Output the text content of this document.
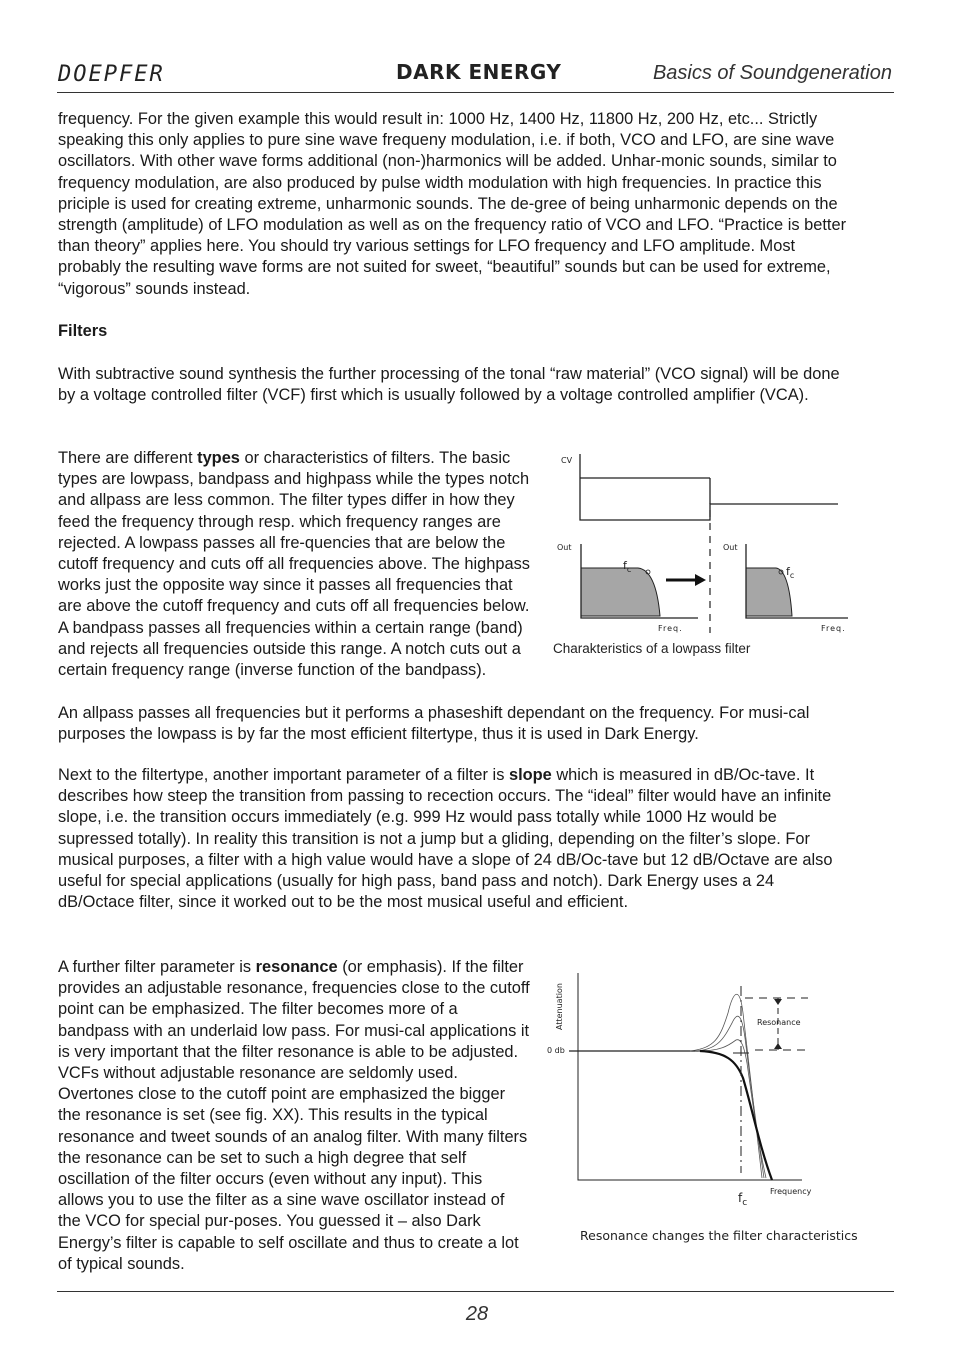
DOEPFER	DARK ENERGY	Basics of Soundgeneration

frequency. For the given example this would result in: 1000 Hz, 1400 Hz, 11800 Hz, 200 Hz, etc... Strictly speaking this only applies to pure sine wave frequeny modulation, i.e. if both, VCO and LFO, are sine wave oscillators. With other wave forms additional (non-)harmonics will be added. Unhar-monic sounds, similar to frequency modulation, are also produced by pulse width modulation with high frequencies. In practice this priciple is used for creating extreme, unharmonic sounds. The de-gree of being unharmonic depends on the strength (amplitude) of LFO modulation as well as on the frequency ratio of VCO and LFO. “Practice is better than theory” applies here. You should try various settings for LFO frequency and LFO amplitude. Most probably the resulting wave forms are not suited for sweet, “beautiful” sounds but can be used for extreme, “vigorous” sounds instead.

Filters

With subtractive sound synthesis the further processing of the tonal “raw material” (VCO signal) will be done by a voltage controlled filter (VCF) first which is usually followed by a voltage controlled amplifier (VCA).

There are different types or characteristics of filters. The basic types are lowpass, bandpass and highpass while the types notch and allpass are less common. The filter types differ in how they feed the frequency through resp. which frequency ranges are rejected. A lowpass passes all fre-quencies that are below the cutoff frequency and cuts off all frequencies above. The highpass works just the opposite way since it passes all frequencies that are above the cutoff frequency and cuts off all frequencies below. A bandpass passes all frequencies within a certain range (band) and rejects all frequencies outside this range. A notch cuts out a certain frequency range (inverse function of the bandpass).

An allpass passes all frequencies but it performs a phaseshift dependant on the frequency. For musi-cal purposes the lowpass is by far the most efficient filtertype, thus it is used in Dark Energy.

Next to the filtertype, another important parameter of a filter is slope which is measured in dB/Oc-tave. It describes how steep the transition from passing to recection occurs. The “ideal” filter would have an infinite slope, i.e. the transition occurs immediately (e.g. 999 Hz would pass totally while 1000 Hz would be supressed totally). In reality this transition is not a jump but a gliding, depending on the filter’s slope. For musical purposes, a filter with a high value would have a slope of 24 dB/Oc-tave but 12 dB/Octave are also useful for special applications (usually for high pass, band pass and notch). Dark Energy uses a 24 dB/Octace filter, since it worked out to be the most musical useful and efficient.

A further filter parameter is resonance (or emphasis). If the filter provides an adjustable resonance, frequencies close to the cutoff point can be emphasized. The filter becomes more of a bandpass with an underlaid low pass. For musi-cal applications it is very important that the filter resonance is able to be adjusted. VCFs without adjustable resonance are seldomly used. Overtones close to the cutoff point are emphasized the bigger the resonance is set (see fig. XX). This results in the typical resonance and tweet sounds of an analog filter. With many filters the resonance can be set to such a high degree that self oscillation of the filter occurs (even without any input). This allows you to use the filter as a sine wave oscillator instead of the VCO for special pur-poses. You guessed it – also Dark Energy’s filter is capable to self oscillate and thus to create a lot of typical sounds.

CV
Out
$f_c$
Freq.
Out
$f_c$
Freq.

Charakteristics of a lowpass filter

Attenuation
0 db
Resonance
Frequency
$f_c$

Resonance changes the filter characteristics

28
